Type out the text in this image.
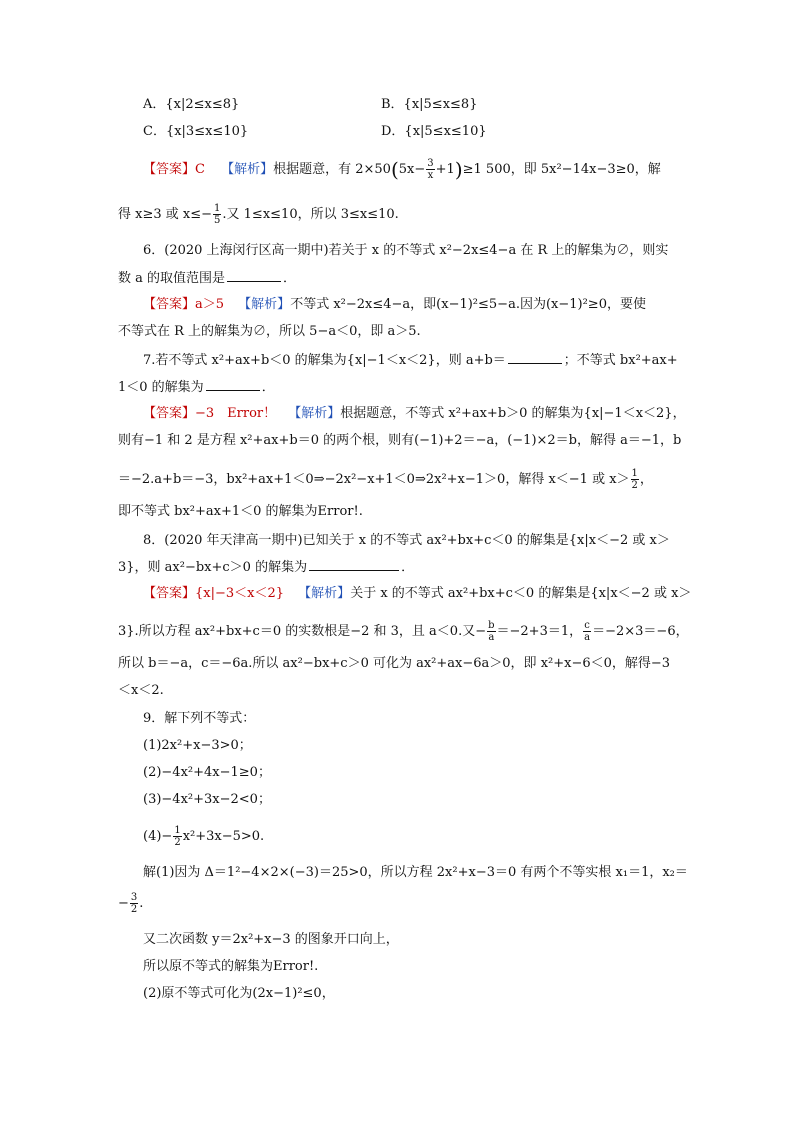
A．{x|2≤x≤8}	B．{x|5≤x≤8}
C．{x|3≤x≤10}	D．{x|5≤x≤10}
【答案】C 【解析】根据题意，有 $2\times 50(5x- \frac{3}{x} +1)\ge 1$ 500，即 5x²−14x−3≥0，解
得 x≥3 或 $x\le- \frac{1}{5}$ .又 1≤x≤10，所以 3≤x≤10.
6．(2020 上海闵行区高一期中)若关于 x 的不等式 x²−2x≤4−a 在 R 上的解集为∅，则实
数 a 的取值范围是	．
【答案】a＞5 【解析】不等式 x²−2x≤4−a，即(x−1)²≤5−a.因为(x−1)²≥0，要使
不等式在 R 上的解集为∅，所以 5−a＜0，即 a＞5.
7.若不等式 x²+ax+b＜0 的解集为{x|−1＜x＜2}，则 a+b＝	；不等式 bx²+ax+
1＜0 的解集为	．
【答案】−3　Error！ 【解析】根据题意，不等式 x²+ax+b＞0 的解集为{x|−1＜x＜2}，
则有−1 和 2 是方程 x²+ax+b＝0 的两个根，则有(−1)+2＝−a，(−1)×2＝b，解得 a＝−1，b
＝−2.a+b＝−3，bx²+ax+1＜0⇒−2x²−x+1＜0⇒2x²+x−1＞0，解得 x＜−1 或 $x> \frac{1}{2}$ ，
即不等式 bx²+ax+1＜0 的解集为Error!.
8．(2020 年天津高一期中)已知关于 x 的不等式 ax²+bx+c＜0 的解集是{x|x＜−2 或 x＞
3}，则 ax²−bx+c＞0 的解集为	．
【答案】{x|−3＜x＜2} 【解析】关于 x 的不等式 ax²+bx+c＜0 的解集是{x|x＜−2 或 x＞
3}.所以方程 ax²+bx+c＝0 的实数根是−2 和 3，且 a＜0.又− $\frac{b}{a} =-2+3=1$， $\frac{c}{a} =-2\times 3=-6$，
所以 b＝−a，c＝−6a.所以 ax²−bx+c＞0 可化为 ax²+ax−6a＞0，即 x²+x−6＜0，解得−3
＜x＜2.
9．解下列不等式：
(1)2x²+x−3>0；
(2)−4x²+4x−1≥0；
(3)−4x²+3x−2<0；
$(4)- \frac{1}{2} x^2+3x-5>0$.
解(1)因为 Δ＝1²−4×2×(−3)＝25>0，所以方程 2x²+x−3＝0 有两个不等实根 x₁＝1，x₂＝
− $\frac{3}{2}$ .
又二次函数 y＝2x²+x−3 的图象开口向上，
所以原不等式的解集为Error!.
(2)原不等式可化为(2x−1)²≤0，
